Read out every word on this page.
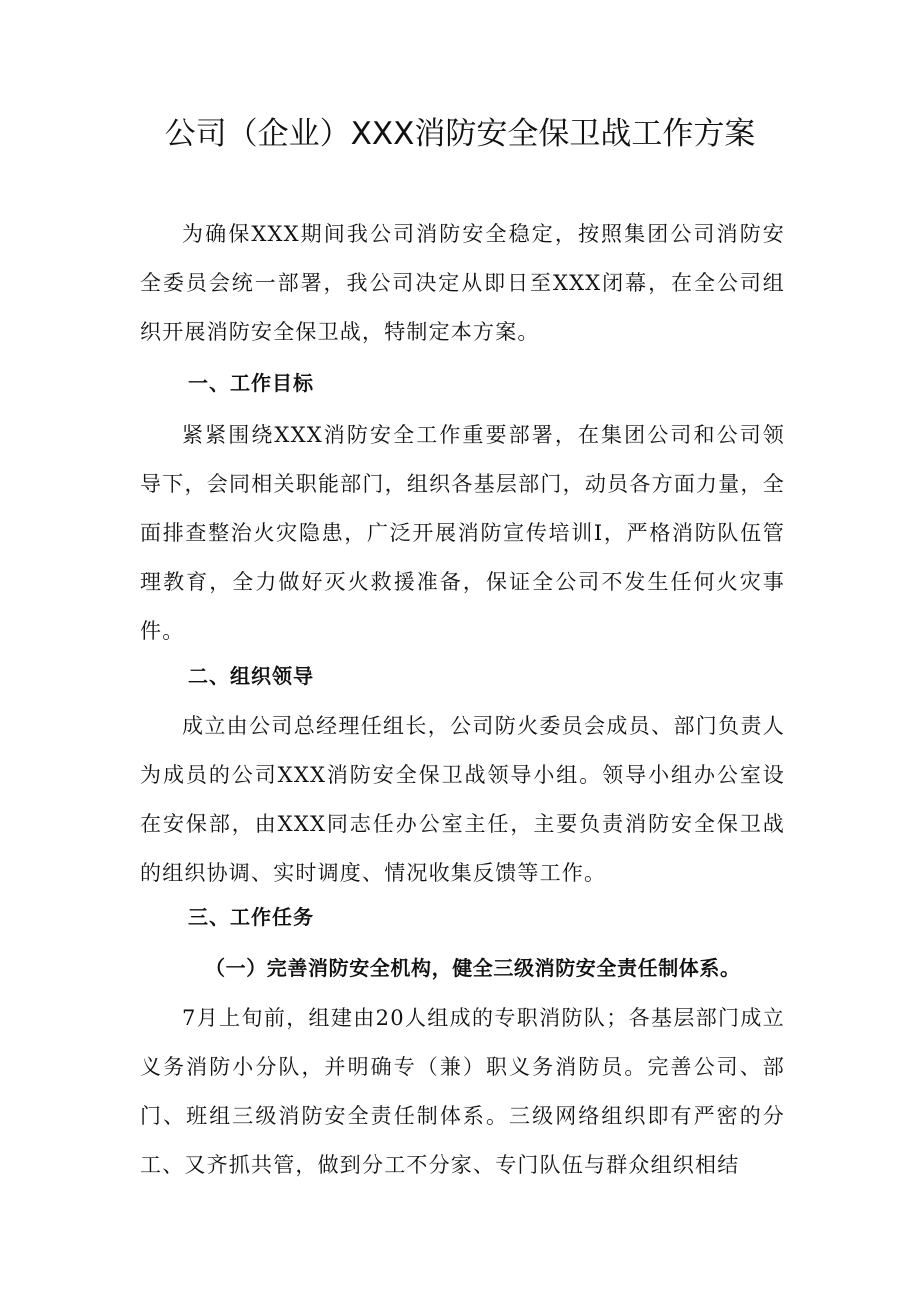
公司（企业）XXX消防安全保卫战工作方案

为确保XXX期间我公司消防安全稳定，按照集团公司消防安全委员会统一部署，我公司决定从即日至XXX闭幕，在全公司组织开展消防安全保卫战，特制定本方案。

一、工作目标

紧紧围绕XXX消防安全工作重要部署，在集团公司和公司领导下，会同相关职能部门，组织各基层部门，动员各方面力量，全面排查整治火灾隐患，广泛开展消防宣传培训I，严格消防队伍管理教育，全力做好灭火救援准备，保证全公司不发生任何火灾事件。

二、组织领导

成立由公司总经理任组长，公司防火委员会成员、部门负责人为成员的公司XXX消防安全保卫战领导小组。领导小组办公室设在安保部，由XXX同志任办公室主任，主要负责消防安全保卫战的组织协调、实时调度、情况收集反馈等工作。

三、工作任务
（一）完善消防安全机构，健全三级消防安全责任制体系。

7月上旬前，组建由20人组成的专职消防队；各基层部门成立义务消防小分队，并明确专（兼）职义务消防员。完善公司、部门、班组三级消防安全责任制体系。三级网络组织即有严密的分工、又齐抓共管，做到分工不分家、专门队伍与群众组织相结
